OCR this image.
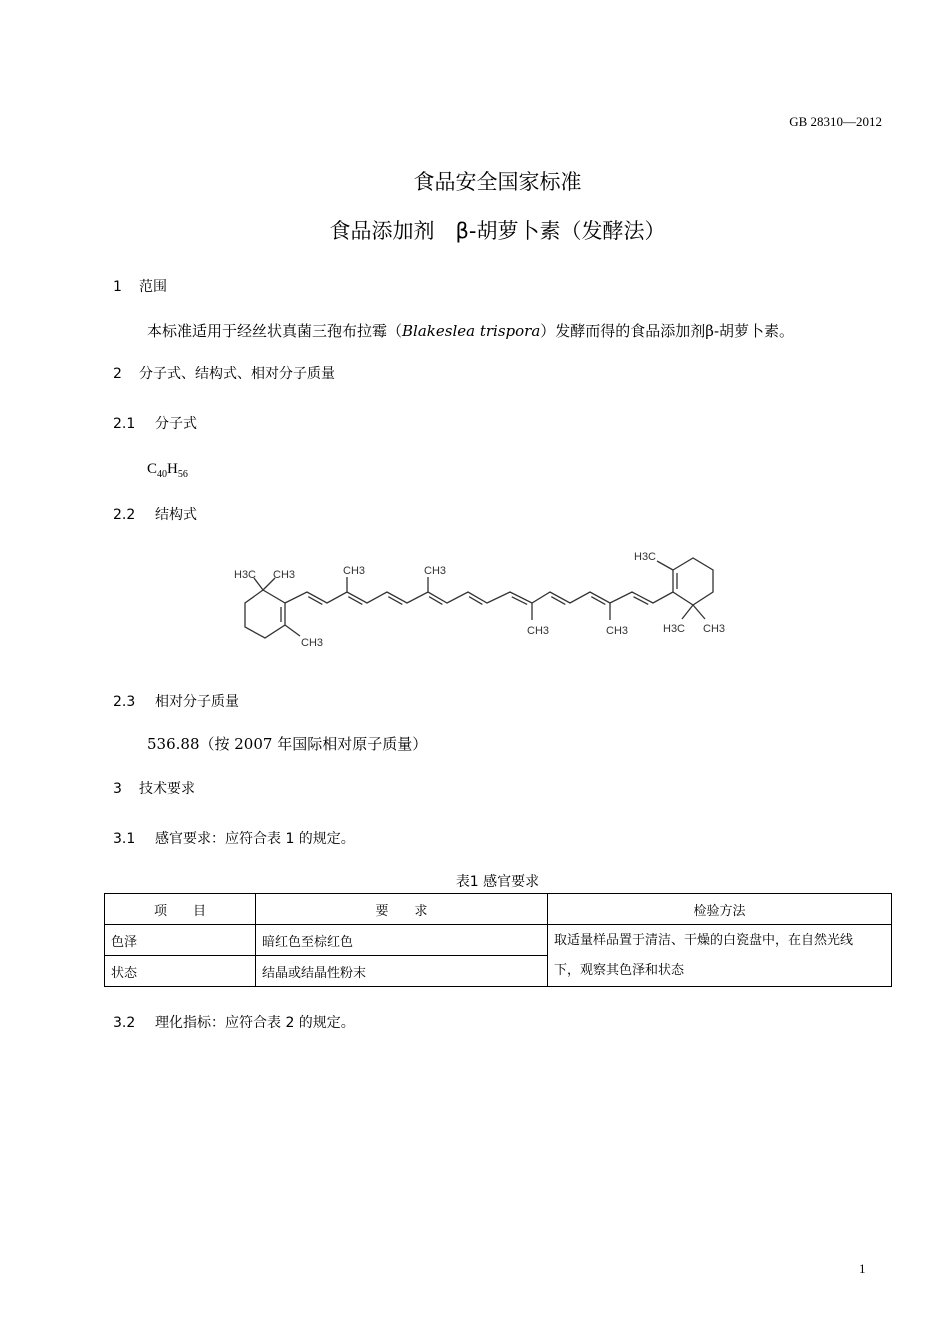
GB 28310—2012
食品安全国家标准
食品添加剂　β-胡萝卜素（发酵法）
1 范围
本标准适用于经丝状真菌三孢布拉霉（Blakeslea trispora）发酵而得的食品添加剂β-胡萝卜素。
2 分子式、结构式、相对分子质量
2.1 分子式
$C_{40}H_{56}$
2.2 结构式
H3C CH3
CH3
CH3	CH3
CH3	CH3
H3C
H3C CH3
2.3 相对分子质量
536.88（按 2007 年国际相对原子质量）
3 技术要求
3.1 感官要求：应符合表 1 的规定。
表1 感官要求
项　　目	要　　求	检验方法
色泽	暗红色至棕红色	取适量样品置于清洁、干燥的白瓷盘中，在自然光线
下，观察其色泽和状态
状态	结晶或结晶性粉末	
3.2 理化指标：应符合表 2 的规定。
1
